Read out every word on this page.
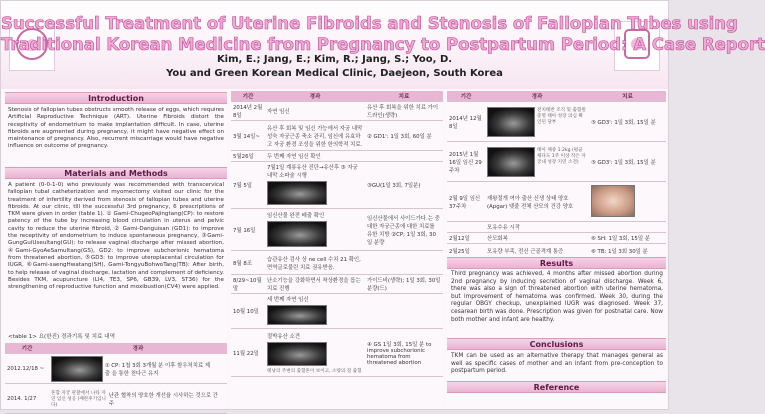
Successful Treatment of Uterine Fibroids and Stenosis of Fallopian Tubes using
Traditional Korean Medicine from Pregnancy to Postpartum Period: A Case Report
Kim, E.; Jang, E.; Kim, R.; Jang, S.; Yoo, D.
You and Green Korean Medical Clinic, Daejeon, South Korea
Introduction
Stenosis of fallopian tubes obstructs smooth release of eggs, which requires Artificial Reproductive Technique (ART). Uterine Fibroids distort the receptivity of endometrium to make implantation difficult. In case, uterine fibroids are augmented during pregnancy, it might have negative effect on maintenance of pregnancy. Also, recurrent miscarriage would have negative influence on outcome of pregnancy.
Materials and Methods
A patient (0-0-1-0) who previously was recommended with transcervical fallopian tubal catheterization and myomectomy visited our clinic for the treatment of infertility derived from stenosis of fallopian tubes and uterine fibroids. At our clinic, till the successful 3rd pregnancy, 6 prescriptions of TKM were given in order (table 1). ① Gami-ChugeoPajingtang(CP): to restore patency of the tube by increasing blood circulation in uterus and pelvic cavity to reduce the uterine fibroid, ② Gami-Danguisan (GD1): to improve the receptivity of endometrium to induce spontaneous pregnancy, ③Gami-GungGuiUseultang(GU): to release vaginal discharge after missed abortion, ④Gami-GyoAeSamultang(GS), GD2: to improve subchorionic hematoma from threatened abortion, ⑤GD3: to improve uteroplacental circulation for IUGR, ⑥Gami-saengHwatang(SH), Gami-TongyuBohwoTang(TB): After birth, to help release of vaginal discharge, lactation and complement of deficiency. Besides TKM, acupuncture (LI4, TE3, SP6, GB39, LV3, ST36) for the strengthening of reproductive function and moxibustion(CV4) were applied.
<table 1> 요(한진) 경과기록 및 치료 내역
기간	경과
2012.12/18 ~	① CP: 1첩 3회 3개월 분 이후 함우처치료 제출 을 통한 천다근 유지
2014. 1/27	혼합 자궁 관찰에서 나타 자연 임신 성공 (배란후기입니다) 난관 협착의 양호한 개선율 시사하는 것으로 간주
기간	경과	치료
2014년 2월8일	자연 임신	유산 후 회복을 위한 치료 가이드라인(생략)
3월 14일~	유산 후 회복 및 임신 가능에서 자궁 내막 성숙 자궁근종 축소 관리, 임신에 유효하고 자궁 환경 조성을 위한 한의학적 치료.	② GD1': 1일 3회, 60일 분
5월26일	두 번째 자연 임신 확인	
7월 5일	7월1일 계류유산 진단→유산후 ③ 자궁 내막 소파술 시행	③GU(1일 3회, 7일분)
7월 16일	임신산물 완전 배출 확인	임신산물에서 사이드가다.는 중대한 자궁근종에 대한 치료를 유한 치방 ②CP; 1일 3회, 30일 분량
8월 8조	습관유산 검사 상 ne cell 수치 21 확인, 면역글로불린 치료 권유받음.	
8/29~10월 말	난소기능을 강화하면서 착상환경을 돕는 치료 진행	가이드비(생략); 1일 3회, 30일 분량(드)
10월 10일	세 번째 자연 임신

11월 22일	절박유산 소견

태낭의 주변의 출혈흔이 보이고, 소량의 질 출혈	④ GS 1일 3회, 15일 분 to improve subchorionic hematoma from threatened abortion
기간	경과	치료
2014년 12월8일	전치태반 조직 및 출혈원 증명 태아 성장 의심 확인된 당부	⑤ GD3': 1일 3회, 15일 분
2015년 1월16일 임신 29주차	태아 체중 1.2kg (평균 체다도 1주 이상 작은 자궁내 성장 지연 소견)	⑤ GD3': 1일 3회, 15일 분
2월 9일 임신 37주차	재왕절개 여아 출산 신생 상태 양호(Apgar) 탯줄 전체 산모의 건강 양호	
	모유수유 시작	
2월12일	산모회복	⑥ SH: 1일 3회, 15일 분
2월25일	모유량 부족, 전신 근골격계 통증	⑥ TB: 1일 3회 30일 분

Results
Third pregnancy was achieved, 4 months after missed abortion during 2nd pregnancy by inducing secretion of vaginal discharge. Week 6, there was also a sign of threatened abortion with uterine hematoma, but improvement of hematoma was confirmed. Week 30, during the regular OBGY checkup, unexplained IUGR was diagnosed. Week 37, cesarean birth was done. Prescription was given for postnatal care. Now both mother and infant are healthy.
Conclusions
TKM can be used as an alternative therapy that manages general as well as specific cases of mother and an infant from pre-conception to postpartum period.
Reference
